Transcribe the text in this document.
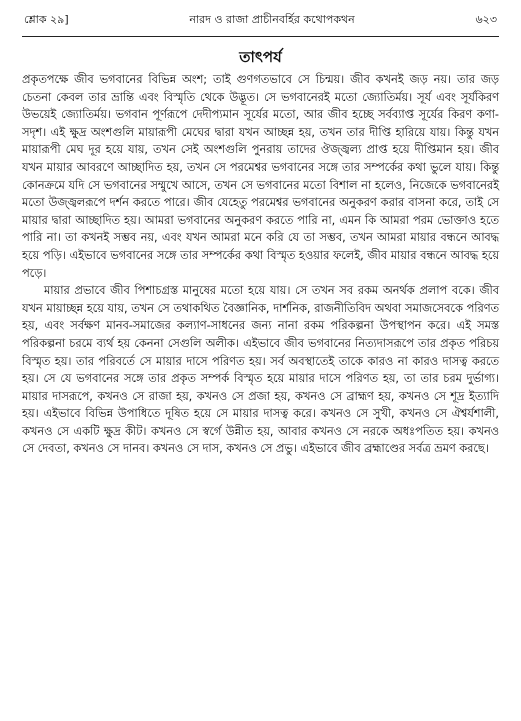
শ্লোক ২৯]	নারদ ও রাজা প্রাচীনবর্হির কথোপকথন	৬২৩
তাৎপর্য

প্রকৃতপক্ষে জীব ভগবানের বিভিন্ন অংশ; তাই গুণগতভাবে সে চিন্ময়। জীব কখনই জড় নয়। তার জড় চেতনা কেবল তার ভ্রান্তি এবং বিস্মৃতি থেকে উদ্ভূত। সে ভগবানেরই মতো জ্যোতির্ময়। সূর্য এবং সূর্যকিরণ উভয়েই জ্যোতির্ময়। ভগবান পূর্ণরূপে দেদীপ্যমান সূর্যের মতো, আর জীব হচ্ছে সর্বব্যাপ্ত সূর্যের কিরণ কণা-সদৃশ। এই ক্ষুদ্র অংশগুলি মায়ারূপী মেঘের দ্বারা যখন আচ্ছন্ন হয়, তখন তার দীপ্তি হারিয়ে যায়। কিন্তু যখন মায়ারূপী মেঘ দূর হয়ে যায়, তখন সেই অংশগুলি পুনরায় তাদের ঔজ্জ্বল্য প্রাপ্ত হয়ে দীপ্তিমান হয়। জীব যখন মায়ার আবরণে আচ্ছাদিত হয়, তখন সে পরমেশ্বর ভগবানের সঙ্গে তার সম্পর্কের কথা ভুলে যায়। কিন্তু কোনক্রমে যদি সে ভগবানের সম্মুখে আসে, তখন সে ভগবানের মতো বিশাল না হলেও, নিজেকে ভগবানেরই মতো উজ্জ্বলরূপে দর্শন করতে পারে। জীব যেহেতু পরমেশ্বর ভগবানের অনুকরণ করার বাসনা করে, তাই সে মায়ার দ্বারা আচ্ছাদিত হয়। আমরা ভগবানের অনুকরণ করতে পারি না, এমন কি আমরা পরম ভোক্তাও হতে পারি না। তা কখনই সম্ভব নয়, এবং যখন আমরা মনে করি যে তা সম্ভব, তখন আমরা মায়ার বন্ধনে আবদ্ধ হয়ে পড়ি। এইভাবে ভগবানের সঙ্গে তার সম্পর্কের কথা বিস্মৃত হওয়ার ফলেই, জীব মায়ার বন্ধনে আবদ্ধ হয়ে পড়ে।

মায়ার প্রভাবে জীব পিশাচগ্রস্ত মানুষের মতো হয়ে যায়। সে তখন সব রকম অনর্থক প্রলাপ বকে। জীব যখন মায়াচ্ছন্ন হয়ে যায়, তখন সে তথাকথিত বৈজ্ঞানিক, দার্শনিক, রাজনীতিবিদ অথবা সমাজসেবকে পরিণত হয়, এবং সর্বক্ষণ মানব-সমাজের কল্যাণ-সাধনের জন্য নানা রকম পরিকল্পনা উপস্থাপন করে। এই সমস্ত পরিকল্পনা চরমে ব্যর্থ হয় কেননা সেগুলি অলীক। এইভাবে জীব ভগবানের নিত্যদাসরূপে তার প্রকৃত পরিচয় বিস্মৃত হয়। তার পরিবর্তে সে মায়ার দাসে পরিণত হয়। সর্ব অবস্থাতেই তাকে কারও না কারও দাসত্ব করতে হয়। সে যে ভগবানের সঙ্গে তার প্রকৃত সম্পর্ক বিস্মৃত হয়ে মায়ার দাসে পরিণত হয়, তা তার চরম দুর্ভাগ্য। মায়ার দাসরূপে, কখনও সে রাজা হয়, কখনও সে প্রজা হয়, কখনও সে ব্রাহ্মণ হয়, কখনও সে শূদ্র ইত্যাদি হয়। এইভাবে বিভিন্ন উপাধিতে দূষিত হয়ে সে মায়ার দাসত্ব করে। কখনও সে সুখী, কখনও সে ঐশ্বর্যশালী, কখনও সে একটি ক্ষুদ্র কীট। কখনও সে স্বর্গে উন্নীত হয়, আবার কখনও সে নরকে অধঃপতিত হয়। কখনও সে দেবতা, কখনও সে দানব। কখনও সে দাস, কখনও সে প্রভু। এইভাবে জীব ব্রহ্মাণ্ডের সর্বত্র ভ্রমণ করছে।
